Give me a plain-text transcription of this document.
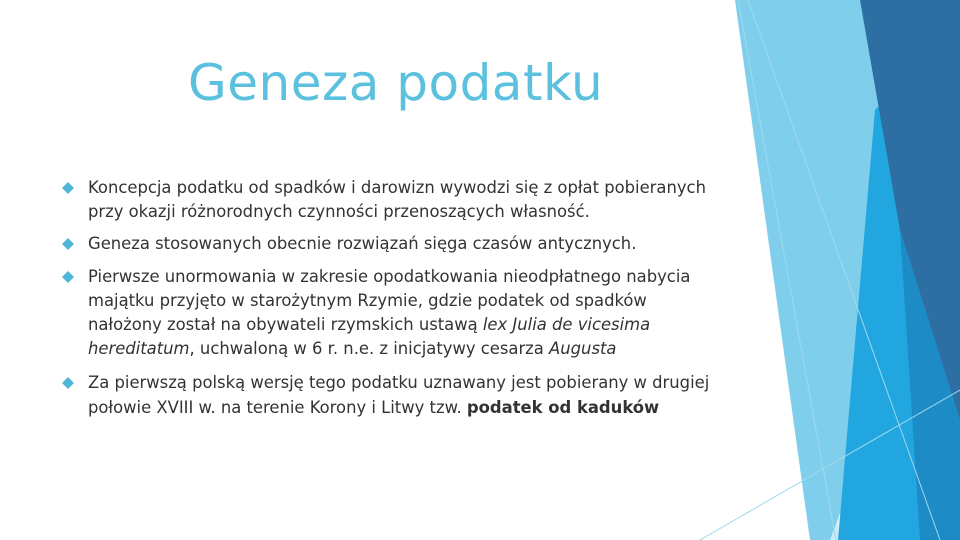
Geneza podatku
Koncepcja podatku od spadków i darowizn wywodzi się z opłat pobieranych przy okazji różnorodnych czynności przenoszących własność.
Geneza stosowanych obecnie rozwiązań sięga czasów antycznych.
Pierwsze unormowania w zakresie opodatkowania nieodpłatnego nabycia majątku przyjęto w starożytnym Rzymie, gdzie podatek od spadków nałożony został na obywateli rzymskich ustawą lex Julia de vicesima hereditatum, uchwaloną w 6 r. n.e. z inicjatywy cesarza Augusta
Za pierwszą polską wersję tego podatku uznawany jest pobierany w drugiej połowie XVIII w. na terenie Korony i Litwy tzw. podatek od kaduków
